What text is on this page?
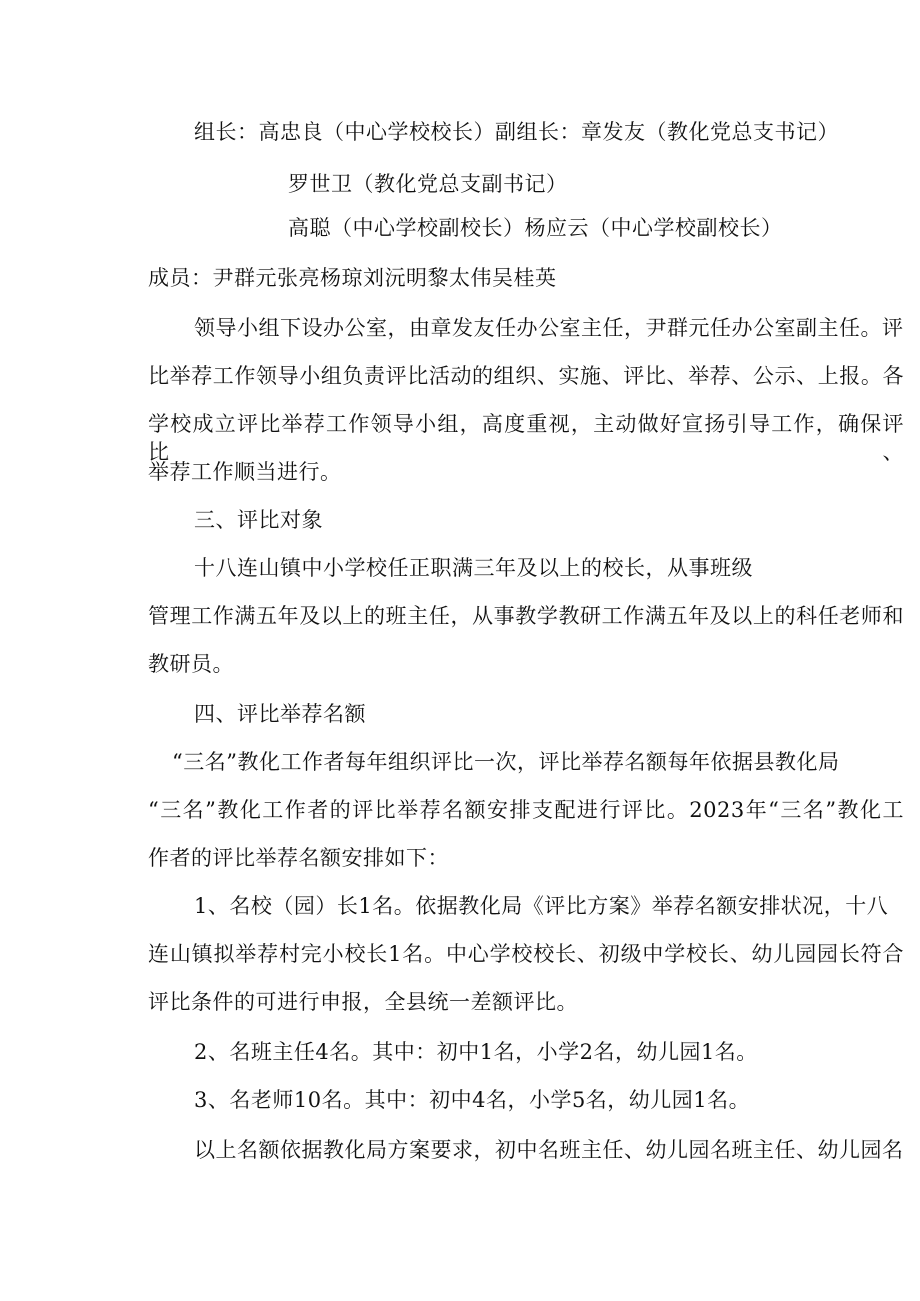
组长：高忠良（中心学校校长）副组长：章发友（教化党总支书记）
罗世卫（教化党总支副书记）
高聪（中心学校副校长）杨应云（中心学校副校长）
成员：尹群元张亮杨琼刘沅明黎太伟吴桂英
领导小组下设办公室，由章发友任办公室主任，尹群元任办公室副主任。评
比举荐工作领导小组负责评比活动的组织、实施、评比、举荐、公示、上报。各
学校成立评比举荐工作领导小组，高度重视，主动做好宣扬引导工作，确保评比、
举荐工作顺当进行。
三、评比对象
十八连山镇中小学校任正职满三年及以上的校长，从事班级
管理工作满五年及以上的班主任，从事教学教研工作满五年及以上的科任老师和
教研员。
四、评比举荐名额
“三名”教化工作者每年组织评比一次，评比举荐名额每年依据县教化局
“三名”教化工作者的评比举荐名额安排支配进行评比。2023年“三名”教化工
作者的评比举荐名额安排如下：
1、名校（园）长1名。依据教化局《评比方案》举荐名额安排状况，十八
连山镇拟举荐村完小校长1名。中心学校校长、初级中学校长、幼儿园园长符合
评比条件的可进行申报，全县统一差额评比。
2、名班主任4名。其中：初中1名，小学2名，幼儿园1名。
3、名老师10名。其中：初中4名，小学5名，幼儿园1名。
以上名额依据教化局方案要求，初中名班主任、幼儿园名班主任、幼儿园名
